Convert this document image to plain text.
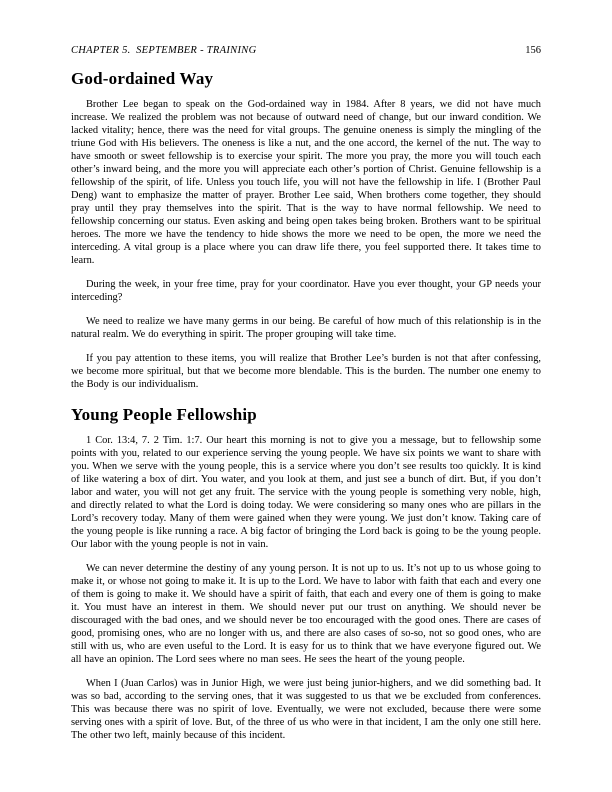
CHAPTER 5. SEPTEMBER - TRAINING	156
God-ordained Way

Brother Lee began to speak on the God-ordained way in 1984. After 8 years, we did not have much increase. We realized the problem was not because of outward need of change, but our inward condition. We lacked vitality; hence, there was the need for vital groups. The genuine oneness is simply the mingling of the triune God with His believers. The oneness is like a nut, and the one accord, the kernel of the nut. The way to have smooth or sweet fellowship is to exercise your spirit. The more you pray, the more you will touch each other’s inward being, and the more you will appreciate each other’s portion of Christ. Genuine fellowship is a fellowship of the spirit, of life. Unless you touch life, you will not have the fellowship in life. I (Brother Paul Deng) want to emphasize the matter of prayer. Brother Lee said, When brothers come together, they should pray until they pray themselves into the spirit. That is the way to have normal fellowship. We need to fellowship concerning our status. Even asking and being open takes being broken. Brothers want to be spiritual heroes. The more we have the tendency to hide shows the more we need to be open, the more we need the interceding. A vital group is a place where you can draw life there, you feel supported there. It takes time to learn.

During the week, in your free time, pray for your coordinator. Have you ever thought, your GP needs your interceding?

We need to realize we have many germs in our being. Be careful of how much of this relationship is in the natural realm. We do everything in spirit. The proper grouping will take time.

If you pay attention to these items, you will realize that Brother Lee’s burden is not that after confessing, we become more spiritual, but that we become more blendable. This is the burden. The number one enemy to the Body is our individualism.

Young People Fellowship

1 Cor. 13:4, 7. 2 Tim. 1:7. Our heart this morning is not to give you a message, but to fellowship some points with you, related to our experience serving the young people. We have six points we want to share with you. When we serve with the young people, this is a service where you don’t see results too quickly. It is kind of like watering a box of dirt. You water, and you look at them, and just see a bunch of dirt. But, if you don’t labor and water, you will not get any fruit. The service with the young people is something very noble, high, and directly related to what the Lord is doing today. We were considering so many ones who are pillars in the Lord’s recovery today. Many of them were gained when they were young. We just don’t know. Taking care of the young people is like running a race. A big factor of bringing the Lord back is going to be the young people. Our labor with the young people is not in vain.

We can never determine the destiny of any young person. It is not up to us. It’s not up to us whose going to make it, or whose not going to make it. It is up to the Lord. We have to labor with faith that each and every one of them is going to make it. We should have a spirit of faith, that each and every one of them is going to make it. You must have an interest in them. We should never put our trust on anything. We should never be discouraged with the bad ones, and we should never be too encouraged with the good ones. There are cases of good, promising ones, who are no longer with us, and there are also cases of so-so, not so good ones, who are still with us, who are even useful to the Lord. It is easy for us to think that we have everyone figured out. We all have an opinion. The Lord sees where no man sees. He sees the heart of the young people.

When I (Juan Carlos) was in Junior High, we were just being junior-highers, and we did something bad. It was so bad, according to the serving ones, that it was suggested to us that we be excluded from conferences. This was because there was no spirit of love. Eventually, we were not excluded, because there were some serving ones with a spirit of love. But, of the three of us who were in that incident, I am the only one still here. The other two left, mainly because of this incident.
